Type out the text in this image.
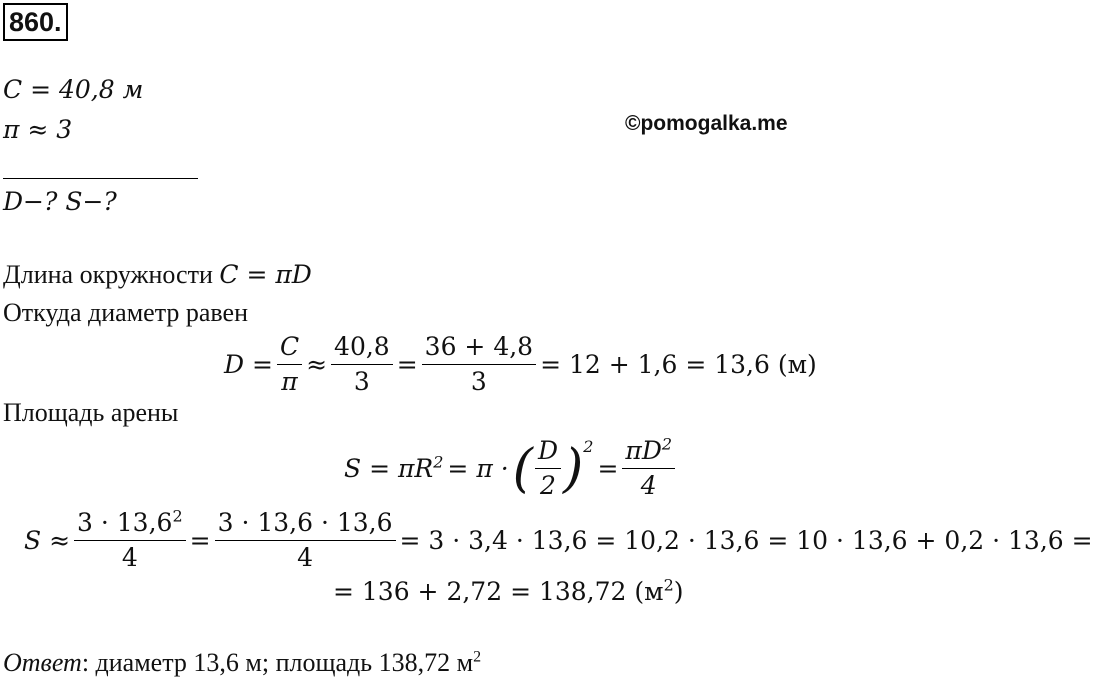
860.
C = 40,8 м
π ≈ 3	©pomogalka.me
D−? S−?
Длина окружности C = πD
Откуда диаметр равен
$D = \frac{C}{\pi} \approx \frac{40,8}{3} = \frac{36 + 4,8}{3} = 12 + 1,6 = 13,6$ (м)
Площадь арены
$S = \pi R^2 = \pi$ · ( $\frac{D}{2} )^2$
= $\frac{\pi D^2}{4}$
$S \approx \frac{3 \cdot 13,6^2}{4} = \frac{3 \cdot 13,6 \cdot 13,6}{4} = 3 \cdot 3,4 \cdot 13,6 = 10,2 \cdot 13,6 = 10 \cdot 13,6 + 0,2 \cdot 13,6$ =
= 136 + 2,72 = 138,72 $(м^2)$
Ответ: диаметр 13,6 м; площадь 138,72 $м^2$
